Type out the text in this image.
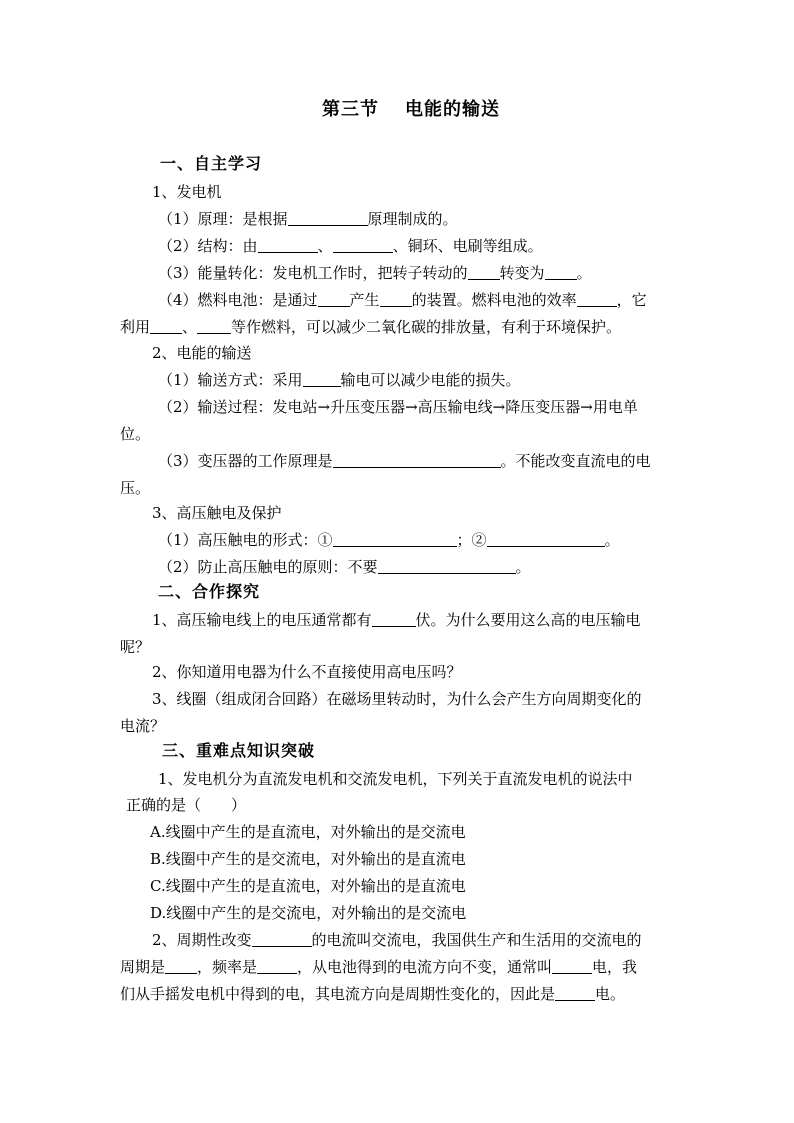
第三节 电能的输送
一、自主学习
1、发电机
（1）原理：是根据	原理制成的。
（2）结构：由	、	、铜环、电刷等组成。
（3）能量转化：发电机工作时，把转子转动的 转变为 。
（4）燃料电池：是通过 产生 的装置。燃料电池的效率	，它
利用 、 等作燃料，可以减少二氧化碳的排放量，有利于环境保护。
2、电能的输送
（1）输送方式：采用	输电可以减少电能的损失。
（2）输送过程：发电站→升压变压器→高压输电线→降压变压器→用电单
位。
（3）变压器的工作原理是	。不能改变直流电的电
压。
3、高压触电及保护
（1）高压触电的形式：①	；②	。
（2）防止高压触电的原则：不要	。
二、合作探究
1、高压输电线上的电压通常都有	伏。为什么要用这么高的电压输电
呢？
2、你知道用电器为什么不直接使用高电压吗？
3、线圈（组成闭合回路）在磁场里转动时，为什么会产生方向周期变化的
电流？
三、重难点知识突破
1、发电机分为直流发电机和交流发电机，下列关于直流发电机的说法中
正确的是（　　）
A.线圈中产生的是直流电，对外输出的是交流电
B.线圈中产生的是交流电，对外输出的是直流电
C.线圈中产生的是直流电，对外输出的是直流电
D.线圈中产生的是交流电，对外输出的是交流电
2、周期性改变	的电流叫交流电，我国供生产和生活用的交流电的
周期是 ，频率是	，从电池得到的电流方向不变，通常叫	电，我
们从手摇发电机中得到的电，其电流方向是周期性变化的，因此是	电。
